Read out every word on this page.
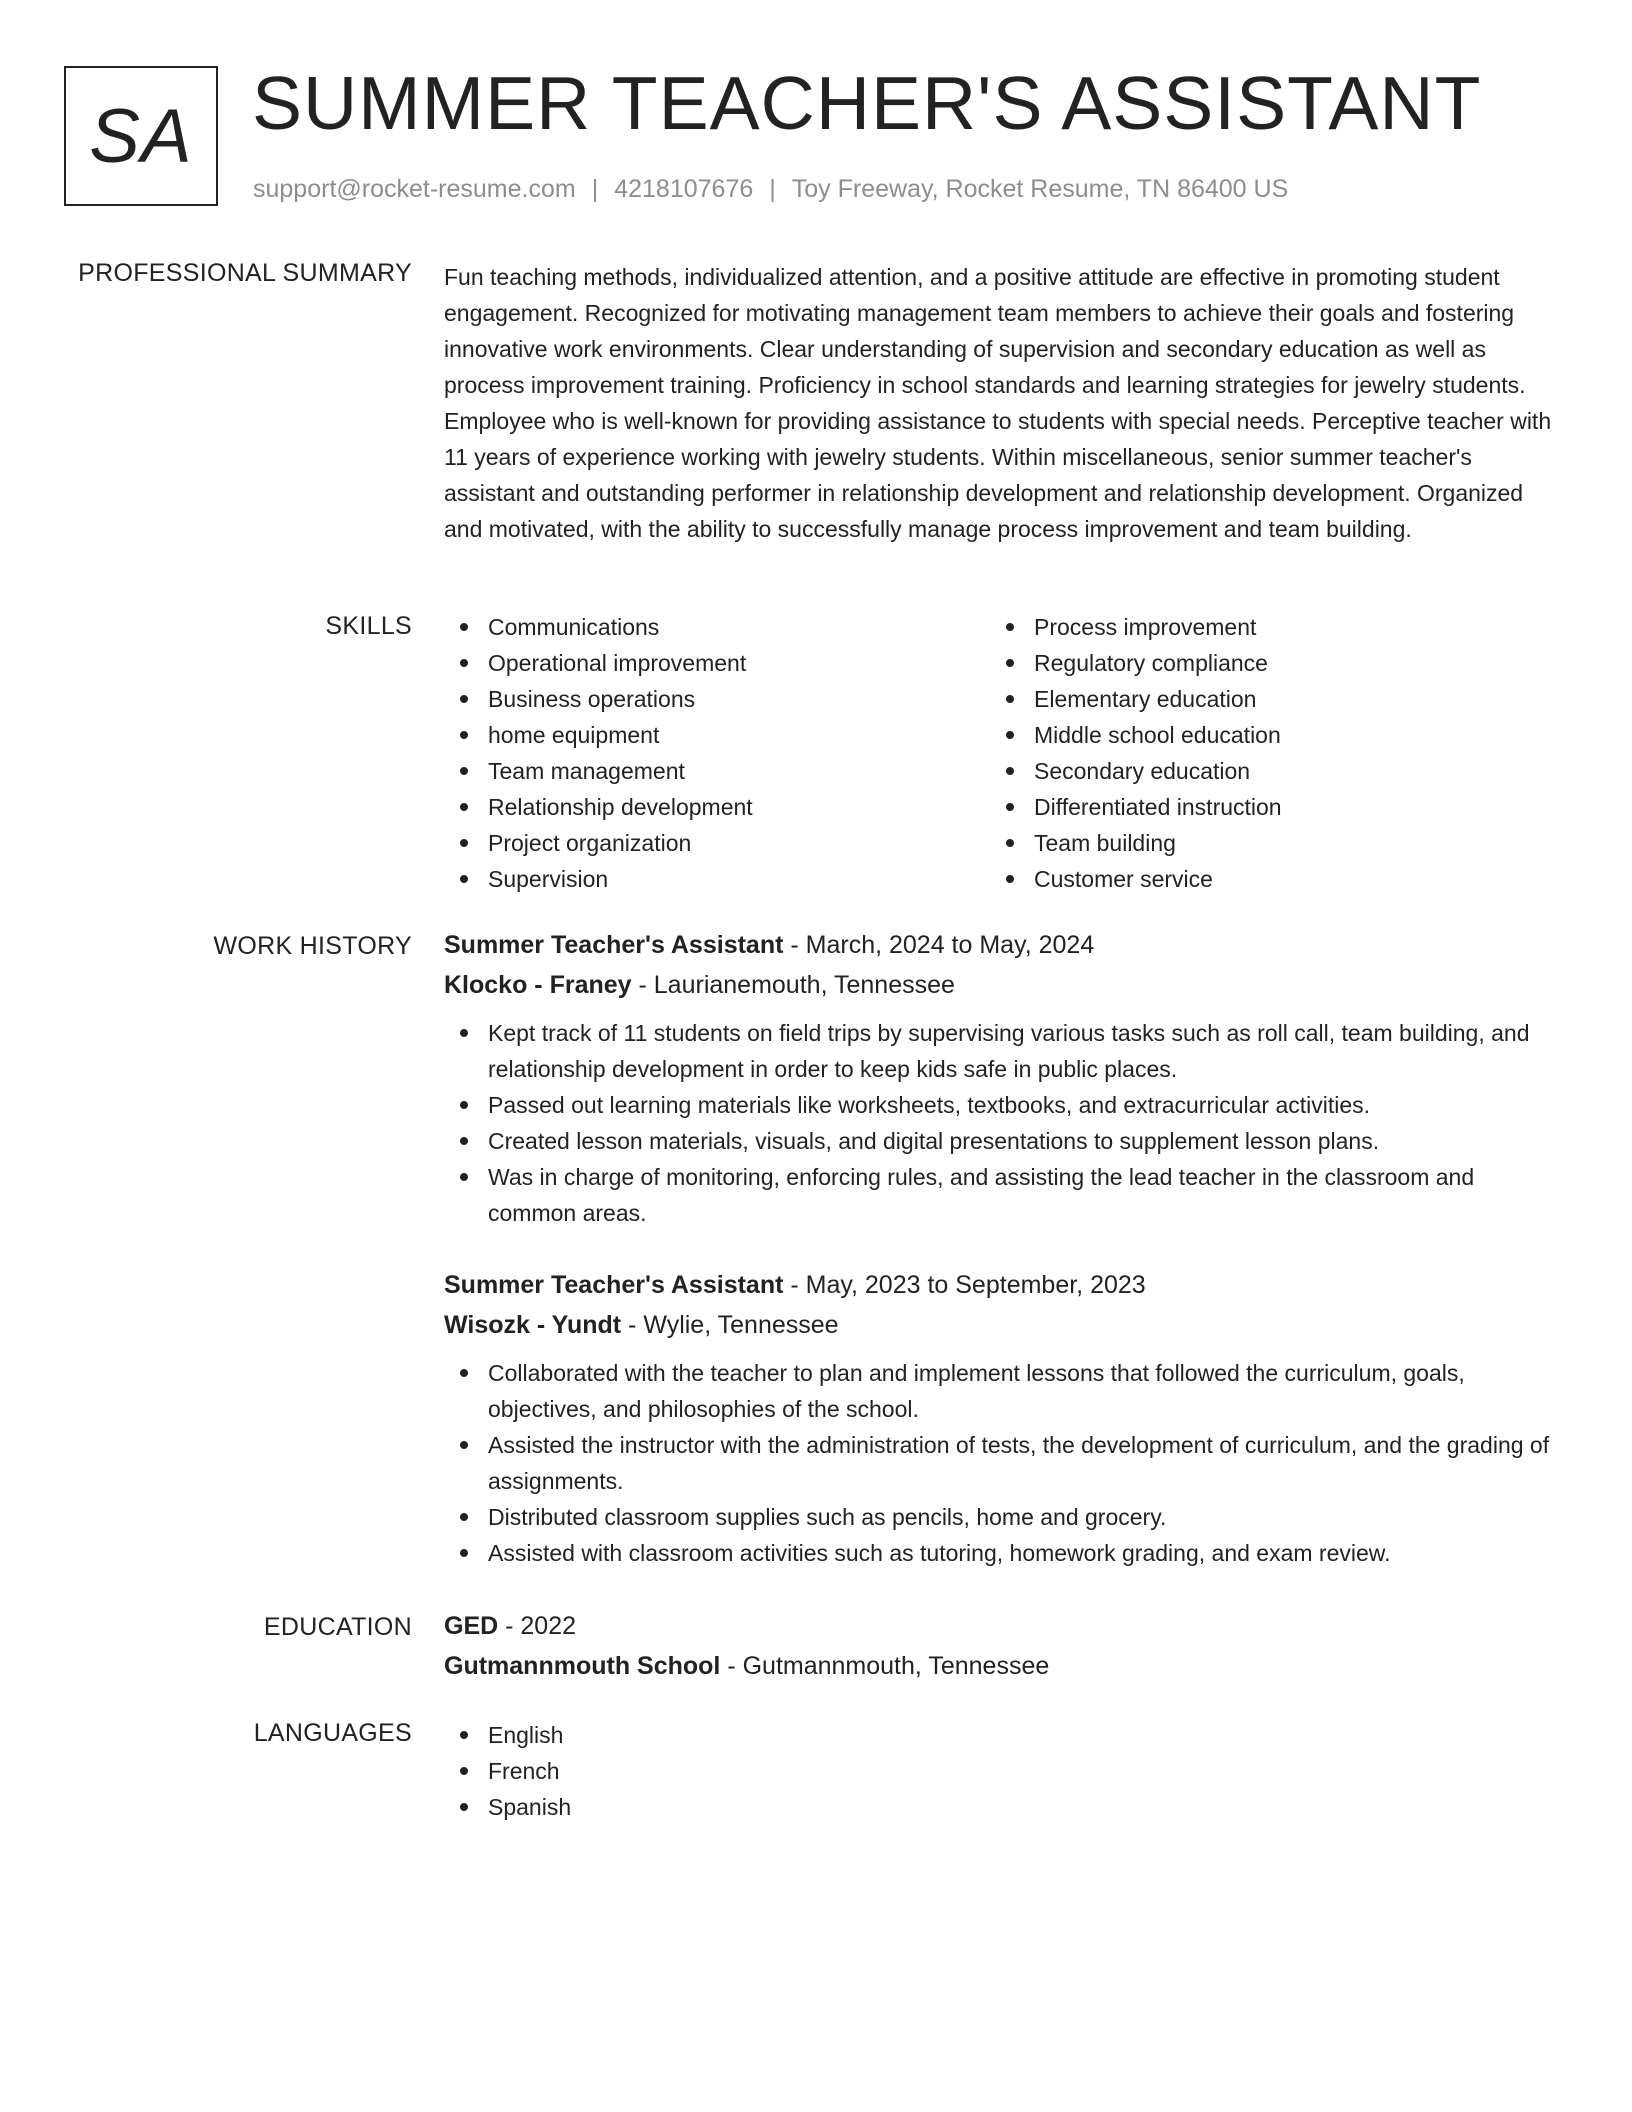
SA SUMMER TEACHER'S ASSISTANT
support@rocket-resume.com | 4218107676 | Toy Freeway, Rocket Resume, TN 86400 US
PROFESSIONAL SUMMARY Fun teaching methods, individualized attention, and a positive attitude are effective in promoting student engagement. Recognized for motivating management team members to achieve their goals and fostering innovative work environments. Clear understanding of supervision and secondary education as well as process improvement training. Proficiency in school standards and learning strategies for jewelry students. Employee who is well-known for providing assistance to students with special needs. Perceptive teacher with 11 years of experience working with jewelry students. Within miscellaneous, senior summer teacher's assistant and outstanding performer in relationship development and relationship development. Organized and motivated, with the ability to successfully manage process improvement and team building.

SKILLS	Communications
Operational improvement
Business operations
home equipment
Team management
Relationship development
Project organization
Supervision
Process improvement
Regulatory compliance
Elementary education
Middle school education
Secondary education
Differentiated instruction
Team building
Customer service
WORK HISTORY Summer Teacher's Assistant - March, 2024 to May, 2024
Klocko - Franey - Laurianemouth, Tennessee
Kept track of 11 students on field trips by supervising various tasks such as roll call, team building, and relationship development in order to keep kids safe in public places.
Passed out learning materials like worksheets, textbooks, and extracurricular activities.
Created lesson materials, visuals, and digital presentations to supplement lesson plans.
Was in charge of monitoring, enforcing rules, and assisting the lead teacher in the classroom and common areas.
Summer Teacher's Assistant - May, 2023 to September, 2023
Wisozk - Yundt - Wylie, Tennessee
Collaborated with the teacher to plan and implement lessons that followed the curriculum, goals, objectives, and philosophies of the school.
Assisted the instructor with the administration of tests, the development of curriculum, and the grading of assignments.
Distributed classroom supplies such as pencils, home and grocery.
Assisted with classroom activities such as tutoring, homework grading, and exam review.
EDUCATION GED - 2022
Gutmannmouth School - Gutmannmouth, Tennessee
LANGUAGES	English
French
Spanish
